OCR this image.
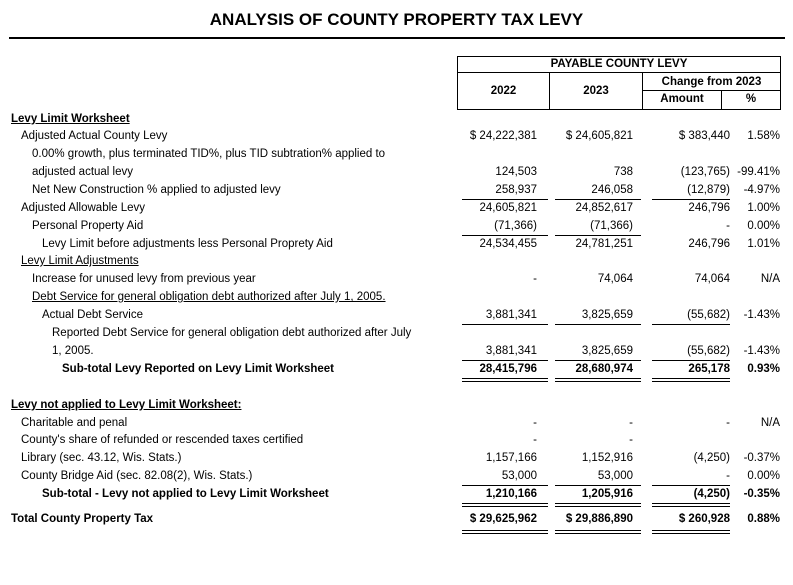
ANALYSIS OF COUNTY PROPERTY TAX LEVY
PAYABLE COUNTY LEVY
2022	2023
Change from 2023
Amount	%
Levy Limit Worksheet
Adjusted Actual County Levy	$ 24,222,381	$ 24,605,821	$ 383,440	1.58%
0.00% growth, plus terminated TID%, plus TID subtration% applied to
adjusted actual levy	124,503	738	(123,765) -99.41%
Net New Construction % applied to adjusted levy	258,937	246,058	(12,879)	-4.97%
Adjusted Allowable Levy	24,605,821	24,852,617	246,796	1.00%
Personal Property Aid	(71,366)	(71,366)	-	0.00%
Levy Limit before adjustments less Personal Proprety Aid	24,534,455	24,781,251	246,796	1.01%
Levy Limit Adjustments
Increase for unused levy from previous year	-	74,064	74,064	N/A
Debt Service for general obligation debt authorized after July 1, 2005.
Actual Debt Service	3,881,341	3,825,659	(55,682)	-1.43%
Reported Debt Service for general obligation debt authorized after July
1, 2005.	3,881,341	3,825,659	(55,682)	-1.43%
Sub-total Levy Reported on Levy Limit Worksheet	28,415,796	28,680,974	265,178	0.93%
Levy not applied to Levy Limit Worksheet:
Charitable and penal	-	-	-	N/A
County's share of refunded or rescended taxes certified	-	-
Library (sec. 43.12, Wis. Stats.)	1,157,166	1,152,916	(4,250)	-0.37%
County Bridge Aid (sec. 82.08(2), Wis. Stats.)	53,000	53,000	-	0.00%
Sub-total - Levy not applied to Levy Limit Worksheet	1,210,166	1,205,916	(4,250)	-0.35%
Total County Property Tax	$ 29,625,962	$ 29,886,890	$ 260,928	0.88%
